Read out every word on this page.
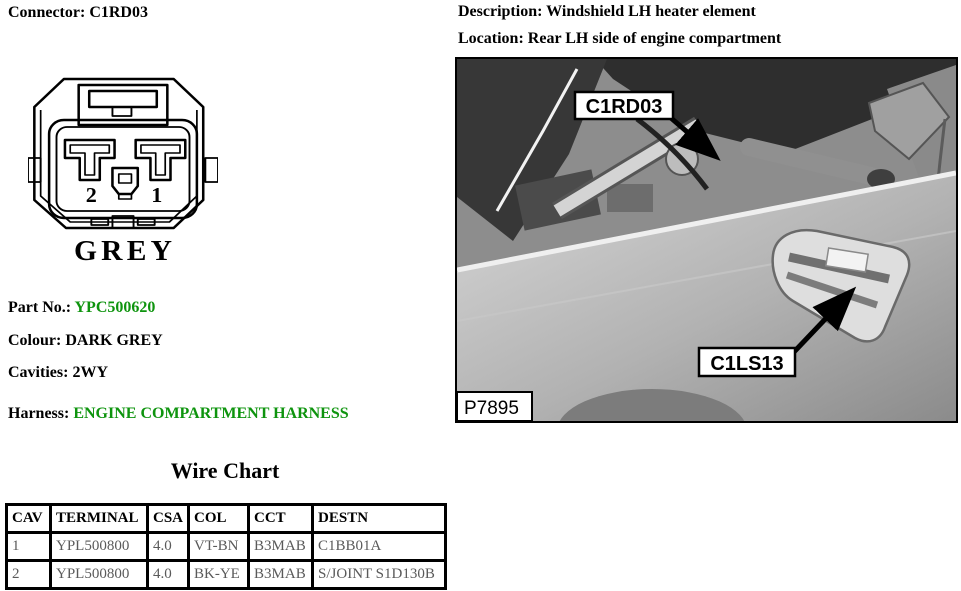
Connector: C1RD03	Description: Windshield LH heater element
Location: Rear LH side of engine compartment
2	1
GREY
Part No.: YPC500620
Colour: DARK GREY
Cavities: 2WY
Harness: ENGINE COMPARTMENT HARNESS
C1RD03
C1LS13
P7895
Wire Chart
CAV	TERMINAL	CSA	COL	CCT	DESTN
1	YPL500800	4.0	VT-BN	B3MAB	C1BB01A
2	YPL500800	4.0	BK-YE	B3MAB	S/JOINT S1D130B
